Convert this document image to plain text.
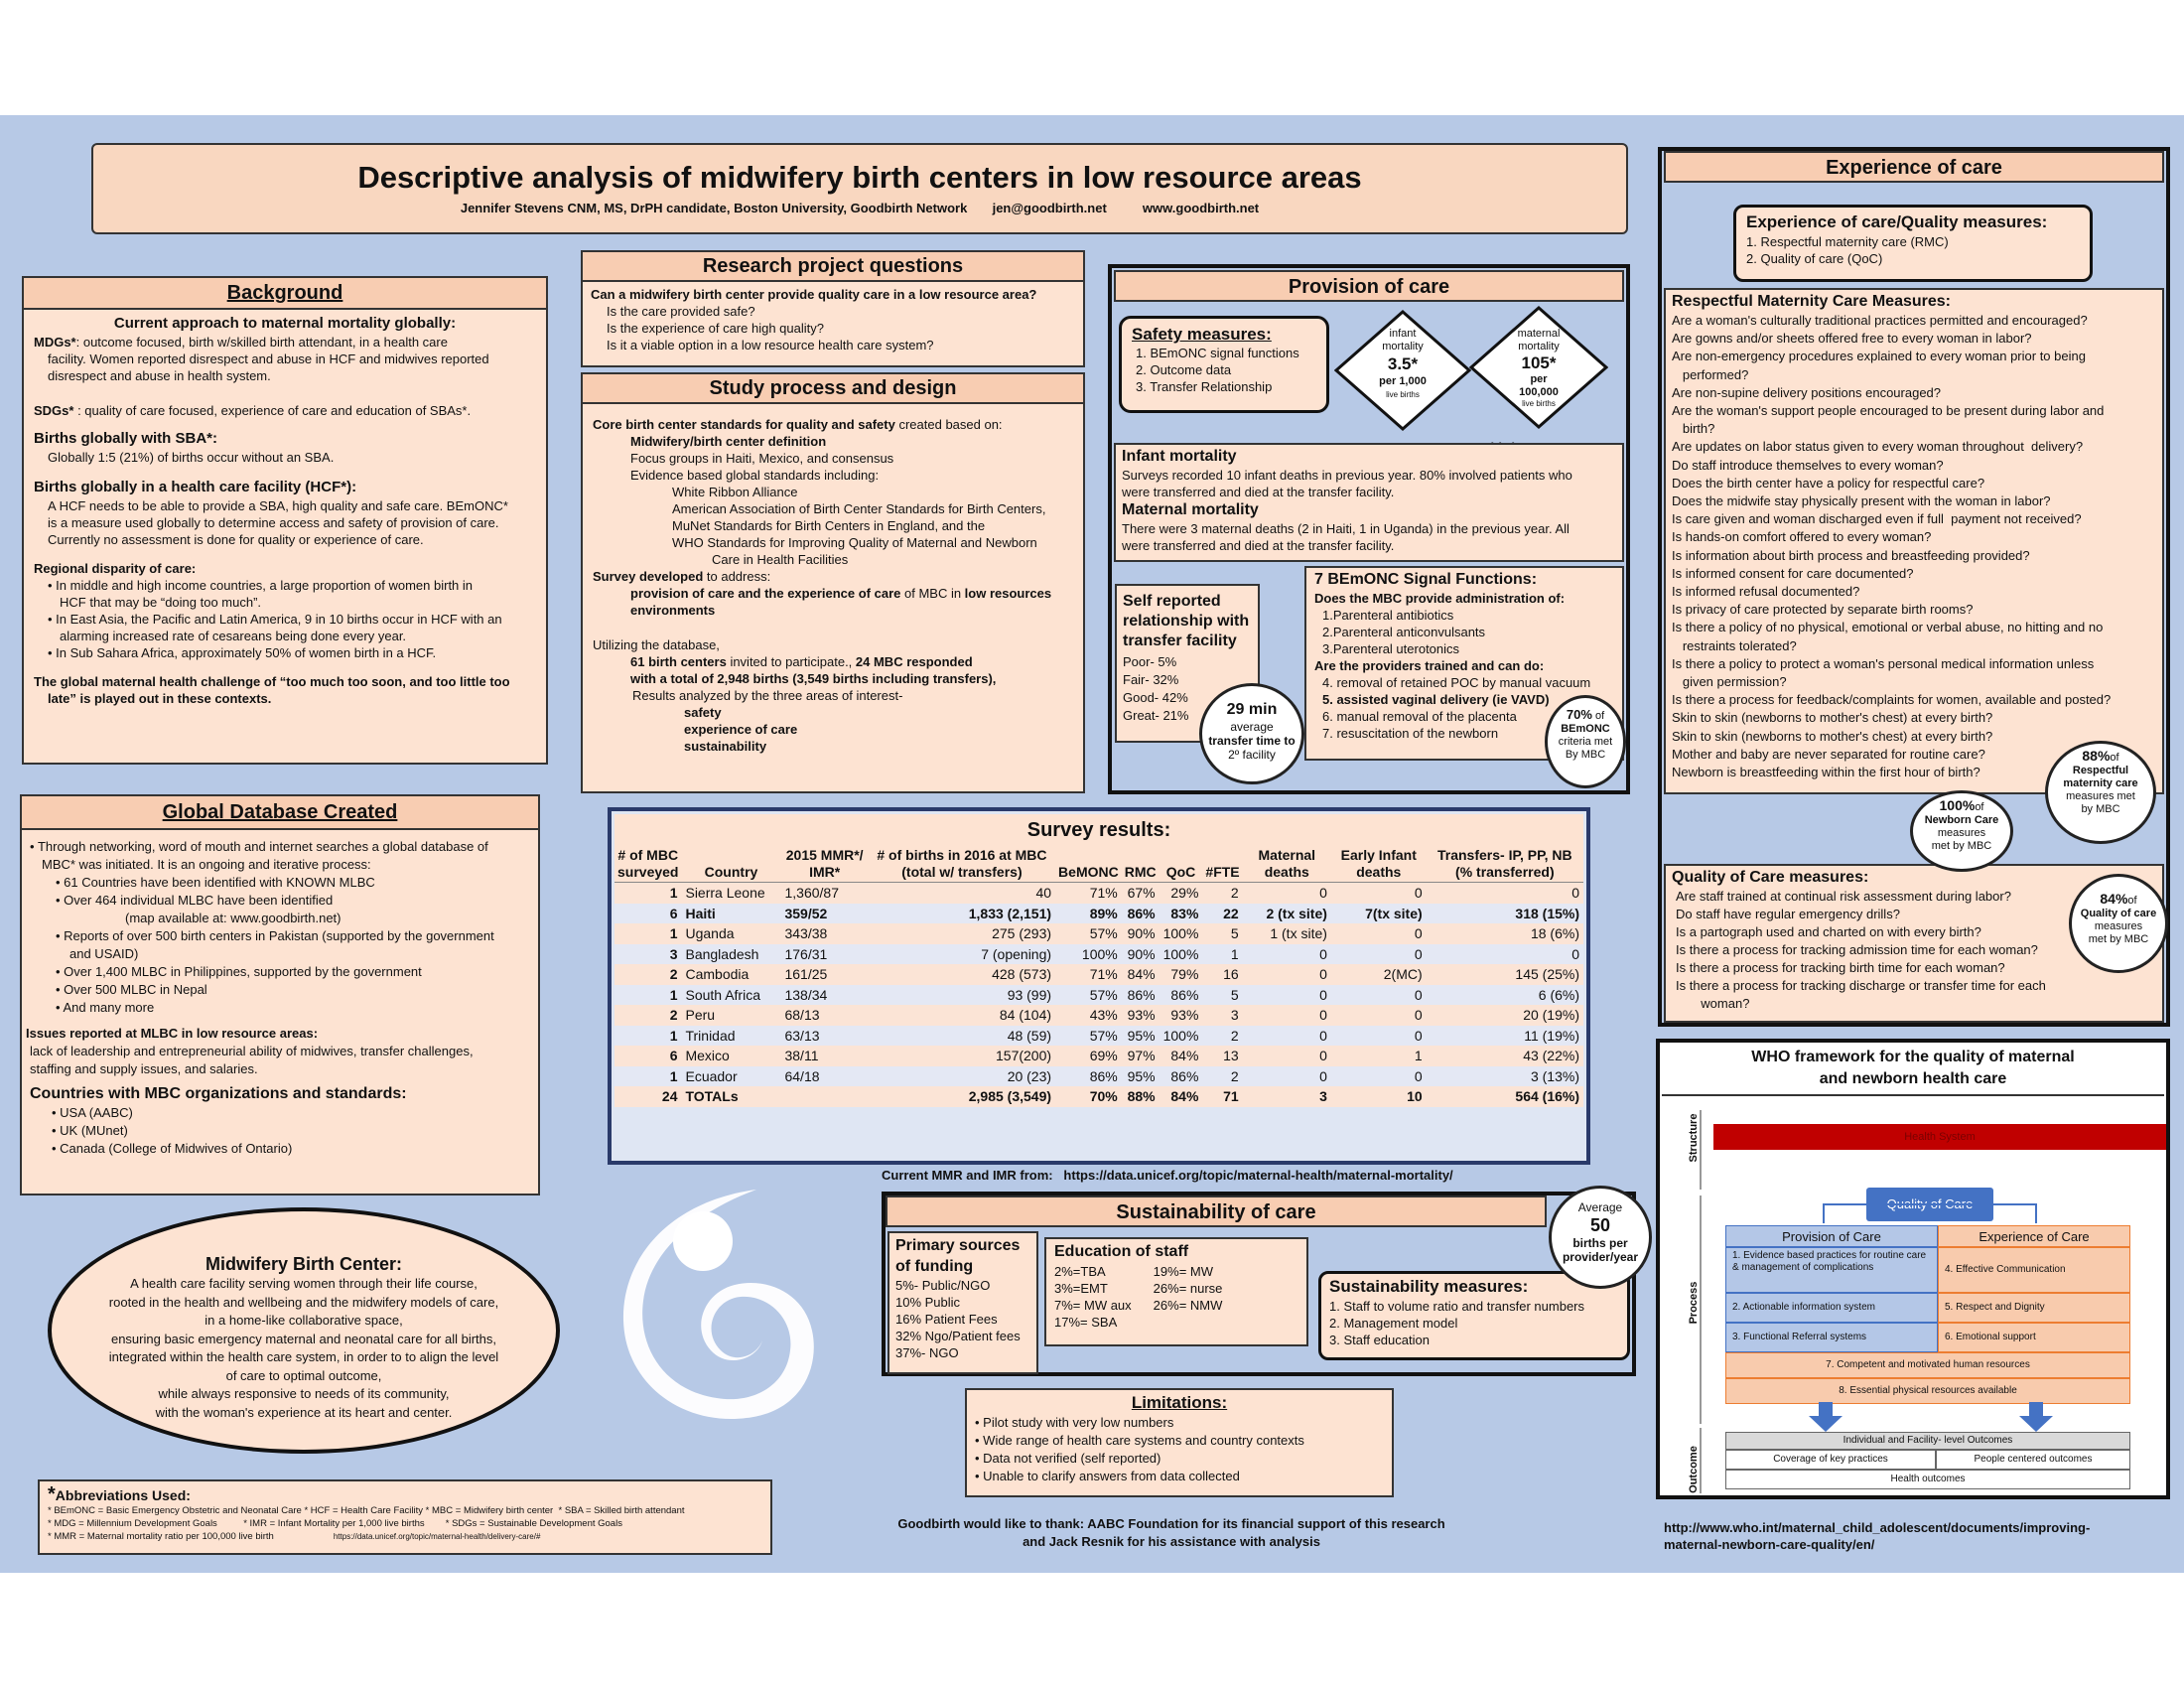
Descriptive analysis of midwifery birth centers in low resource areas
Jennifer Stevens CNM, MS, DrPH candidate, Boston University, Goodbirth Network       jen@goodbirth.net          www.goodbirth.net
Background
Current approach to maternal mortality globally:
MDGs*: outcome focused, birth w/skilled birth attendant, in a health care
facility. Women reported disrespect and abuse in HCF and midwives reported
disrespect and abuse in health system.
SDGs* : quality of care focused, experience of care and education of SBAs*.
Births globally with SBA*:
Globally 1:5 (21%) of births occur without an SBA.
Births globally in a health care facility (HCF*):
A HCF needs to be able to provide a SBA, high quality and safe care. BEmONC*
is a measure used globally to determine access and safety of provision of care.
Currently no assessment is done for quality or experience of care.
Regional disparity of care:
• In middle and high income countries, a large proportion of women birth in
HCF that may be “doing too much”.
• In East Asia, the Pacific and Latin America, 9 in 10 births occur in HCF with an
alarming increased rate of cesareans being done every year.
• In Sub Sahara Africa, approximately 50% of women birth in a HCF.
The global maternal health challenge of “too much too soon, and too little too
late” is played out in these contexts.
Research project questions
Can a midwifery birth center provide quality care in a low resource area?
Is the care provided safe?
Is the experience of care high quality?
Is it a viable option in a low resource health care system?
Study process and design
Core birth center standards for quality and safety created based on:
Midwifery/birth center definition
Focus groups in Haiti, Mexico, and consensus
Evidence based global standards including:
White Ribbon Alliance
American Association of Birth Center Standards for Birth Centers,
MuNet Standards for Birth Centers in England, and the
WHO Standards for Improving Quality of Maternal and Newborn
Care in Health Facilities
Survey developed to address:
provision of care and the experience of care of MBC in low resources
environments
Utilizing the database,
61 birth centers invited to participate., 24 MBC responded
with a total of 2,948 births (3,549 births including transfers),
Results analyzed by the three areas of interest-
safety
experience of care
sustainability
Provision of care
Safety measures:
1. BEmONC signal functions
2. Outcome data
3. Transfer Relationship
infant
mortality
3.5*
per 1,000
live births
maternal
mortality
105*
per
100,000
live births
Infant mortality
Surveys recorded 10 infant deaths in previous year. 80% involved patients who
were transferred and died at the transfer facility.
Maternal mortality
There were 3 maternal deaths (2 in Haiti, 1 in Uganda) in the previous year. All
were transferred and died at the transfer facility.
Self reported
relationship with
transfer facility
Poor- 5%
Fair- 32%
Good- 42%
Great- 21%
7 BEmONC Signal Functions:
Does the MBC provide administration of:
1.Parenteral antibiotics
2.Parenteral anticonvulsants
3.Parenteral uterotonics
Are the providers trained and can do:
4. removal of retained POC by manual vacuum
5. assisted vaginal delivery (ie VAVD)
6. manual removal of the placenta
7. resuscitation of the newborn
29 min
average
transfer time to
2º facility
70% of
BEmONC
criteria met
By MBC
Experience of care
Experience of care/Quality measures:
1. Respectful maternity care (RMC)
2. Quality of care (QoC)
Respectful Maternity Care Measures:
Are a woman's culturally traditional practices permitted and encouraged?
Are gowns and/or sheets offered free to every woman in labor?
Are non-emergency procedures explained to every woman prior to being
performed?
Are non-supine delivery positions encouraged?
Are the woman's support people encouraged to be present during labor and
birth?
Are updates on labor status given to every woman throughout  delivery?
Do staff introduce themselves to every woman?
Does the birth center have a policy for respectful care?
Does the midwife stay physically present with the woman in labor?
Is care given and woman discharged even if full  payment not received?
Is hands-on comfort offered to every woman?
Is information about birth process and breastfeeding provided?
Is informed consent for care documented?
Is informed refusal documented?
Is privacy of care protected by separate birth rooms?
Is there a policy of no physical, emotional or verbal abuse, no hitting and no
restraints tolerated?
Is there a policy to protect a woman's personal medical information unless
given permission?
Is there a process for feedback/complaints for women, available and posted?
Skin to skin (newborns to mother's chest) at every birth?
Skin to skin (newborns to mother's chest) at every birth?
Mother and baby are never separated for routine care?
Newborn is breastfeeding within the first hour of birth?
Quality of Care measures:
Are staff trained at continual risk assessment during labor?
Do staff have regular emergency drills?
Is a partograph used and charted on with every birth?
Is there a process for tracking admission time for each woman?
Is there a process for tracking birth time for each woman?
Is there a process for tracking discharge or transfer time for each
woman?
88%of
Respectful
maternity care
measures met
by MBC
100%of
Newborn Care
measures
met by MBC
84%of
Quality of care
measures
met by MBC
Global Database Created
• Through networking, word of mouth and internet searches a global database of
MBC* was initiated. It is an ongoing and iterative process:
• 61 Countries have been identified with KNOWN MLBC
• Over 464 individual MLBC have been identified
(map available at: www.goodbirth.net)
• Reports of over 500 birth centers in Pakistan (supported by the government
and USAID)
• Over 1,400 MLBC in Philippines, supported by the government
• Over 500 MLBC in Nepal
• And many more
Issues reported at MLBC in low resource areas:
lack of leadership and entrepreneurial ability of midwives, transfer challenges,
staffing and supply issues, and salaries.
Countries with MBC organizations and standards:
• USA (AABC)
• UK (MUnet)
• Canada (College of Midwives of Ontario)
Survey results:
# of MBC surveyed	Country	2015 MMR*/ IMR*	# of births in 2016 at MBC (total w/ transfers)	BeMONC	RMC	QoC	#FTE	Maternal deaths	Early Infant deaths	Transfers- IP, PP, NB (% transferred)
1	Sierra Leone	1,360/87	40	71%	67%	29%	2	0	0	0
6	Haiti	359/52	1,833 (2,151)	89%	86%	83%	22	2 (tx site)	7(tx site)	318 (15%)
1	Uganda	343/38	275 (293)	57%	90%	100%	5	1 (tx site)	0	18 (6%)
3	Bangladesh	176/31	7 (opening)	100%	90%	100%	1	0	0	0
2	Cambodia	161/25	428 (573)	71%	84%	79%	16	0	2(MC)	145 (25%)
1	South Africa	138/34	93 (99)	57%	86%	86%	5	0	0	6 (6%)
2	Peru	68/13	84 (104)	43%	93%	93%	3	0	0	20 (19%)
1	Trinidad	63/13	48 (59)	57%	95%	100%	2	0	0	11 (19%)
6	Mexico	38/11	157(200)	69%	97%	84%	13	0	1	43 (22%)
1	Ecuador	64/18	20 (23)	86%	95%	86%	2	0	0	3 (13%)
24	TOTALs		2,985 (3,549)	70%	88%	84%	71	3	10	564 (16%)
Current MMR and IMR from:   https://data.unicef.org/topic/maternal-health/maternal-mortality/
Sustainability of care
Primary sources of funding
5%- Public/NGO
10% Public
16% Patient Fees
32% Ngo/Patient fees
37%- NGO
Education of staff
2%=TBA
3%=EMT
7%= MW aux
17%= SBA
19%= MW
26%= nurse
26%= NMW
Sustainability measures:
1. Staff to volume ratio and transfer numbers
2. Management model
3. Staff education
Average
50
births per
provider/year
Limitations:
• Pilot study with very low numbers
• Wide range of health care systems and country contexts
• Data not verified (self reported)
• Unable to clarify answers from data collected
Midwifery Birth Center:
A health care facility serving women through their life course,
rooted in the health and wellbeing and the midwifery models of care,
in a home-like collaborative space,
ensuring basic emergency maternal and neonatal care for all births,
integrated within the health care system, in order to to align the level
of care to optimal outcome,
while always responsive to needs of its community,
with the woman's experience at its heart and center.
*Abbreviations Used:
* BEmONC = Basic Emergency Obstetric and Neonatal Care * HCF = Health Care Facility * MBC = Midwifery birth center  * SBA = Skilled birth attendant
* MDG = Millennium Development Goals          * IMR = Infant Mortality per 1,000 live births        * SDGs = Sustainable Development Goals
* MMR = Maternal mortality ratio per 100,000 live birth	https://data.unicef.org/topic/maternal-health/delivery-care/#
Goodbirth would like to thank: AABC Foundation for its financial support of this research
and Jack Resnik for his assistance with analysis
WHO framework for the quality of maternal
and newborn health care
Structure
Process
Outcome
Health System
Quality of Care
Provision of Care	Experience of Care
1. Evidence based practices for routine care & management of complications
2. Actionable information system
3. Functional Referral systems
4. Effective Communication
5. Respect and Dignity
6. Emotional support
7. Competent and motivated human resources
8. Essential physical resources available
Individual and Facility- level Outcomes
Coverage of key practices	People centered outcomes
Health outcomes
http://www.who.int/maternal_child_adolescent/documents/improving-
maternal-newborn-care-quality/en/
